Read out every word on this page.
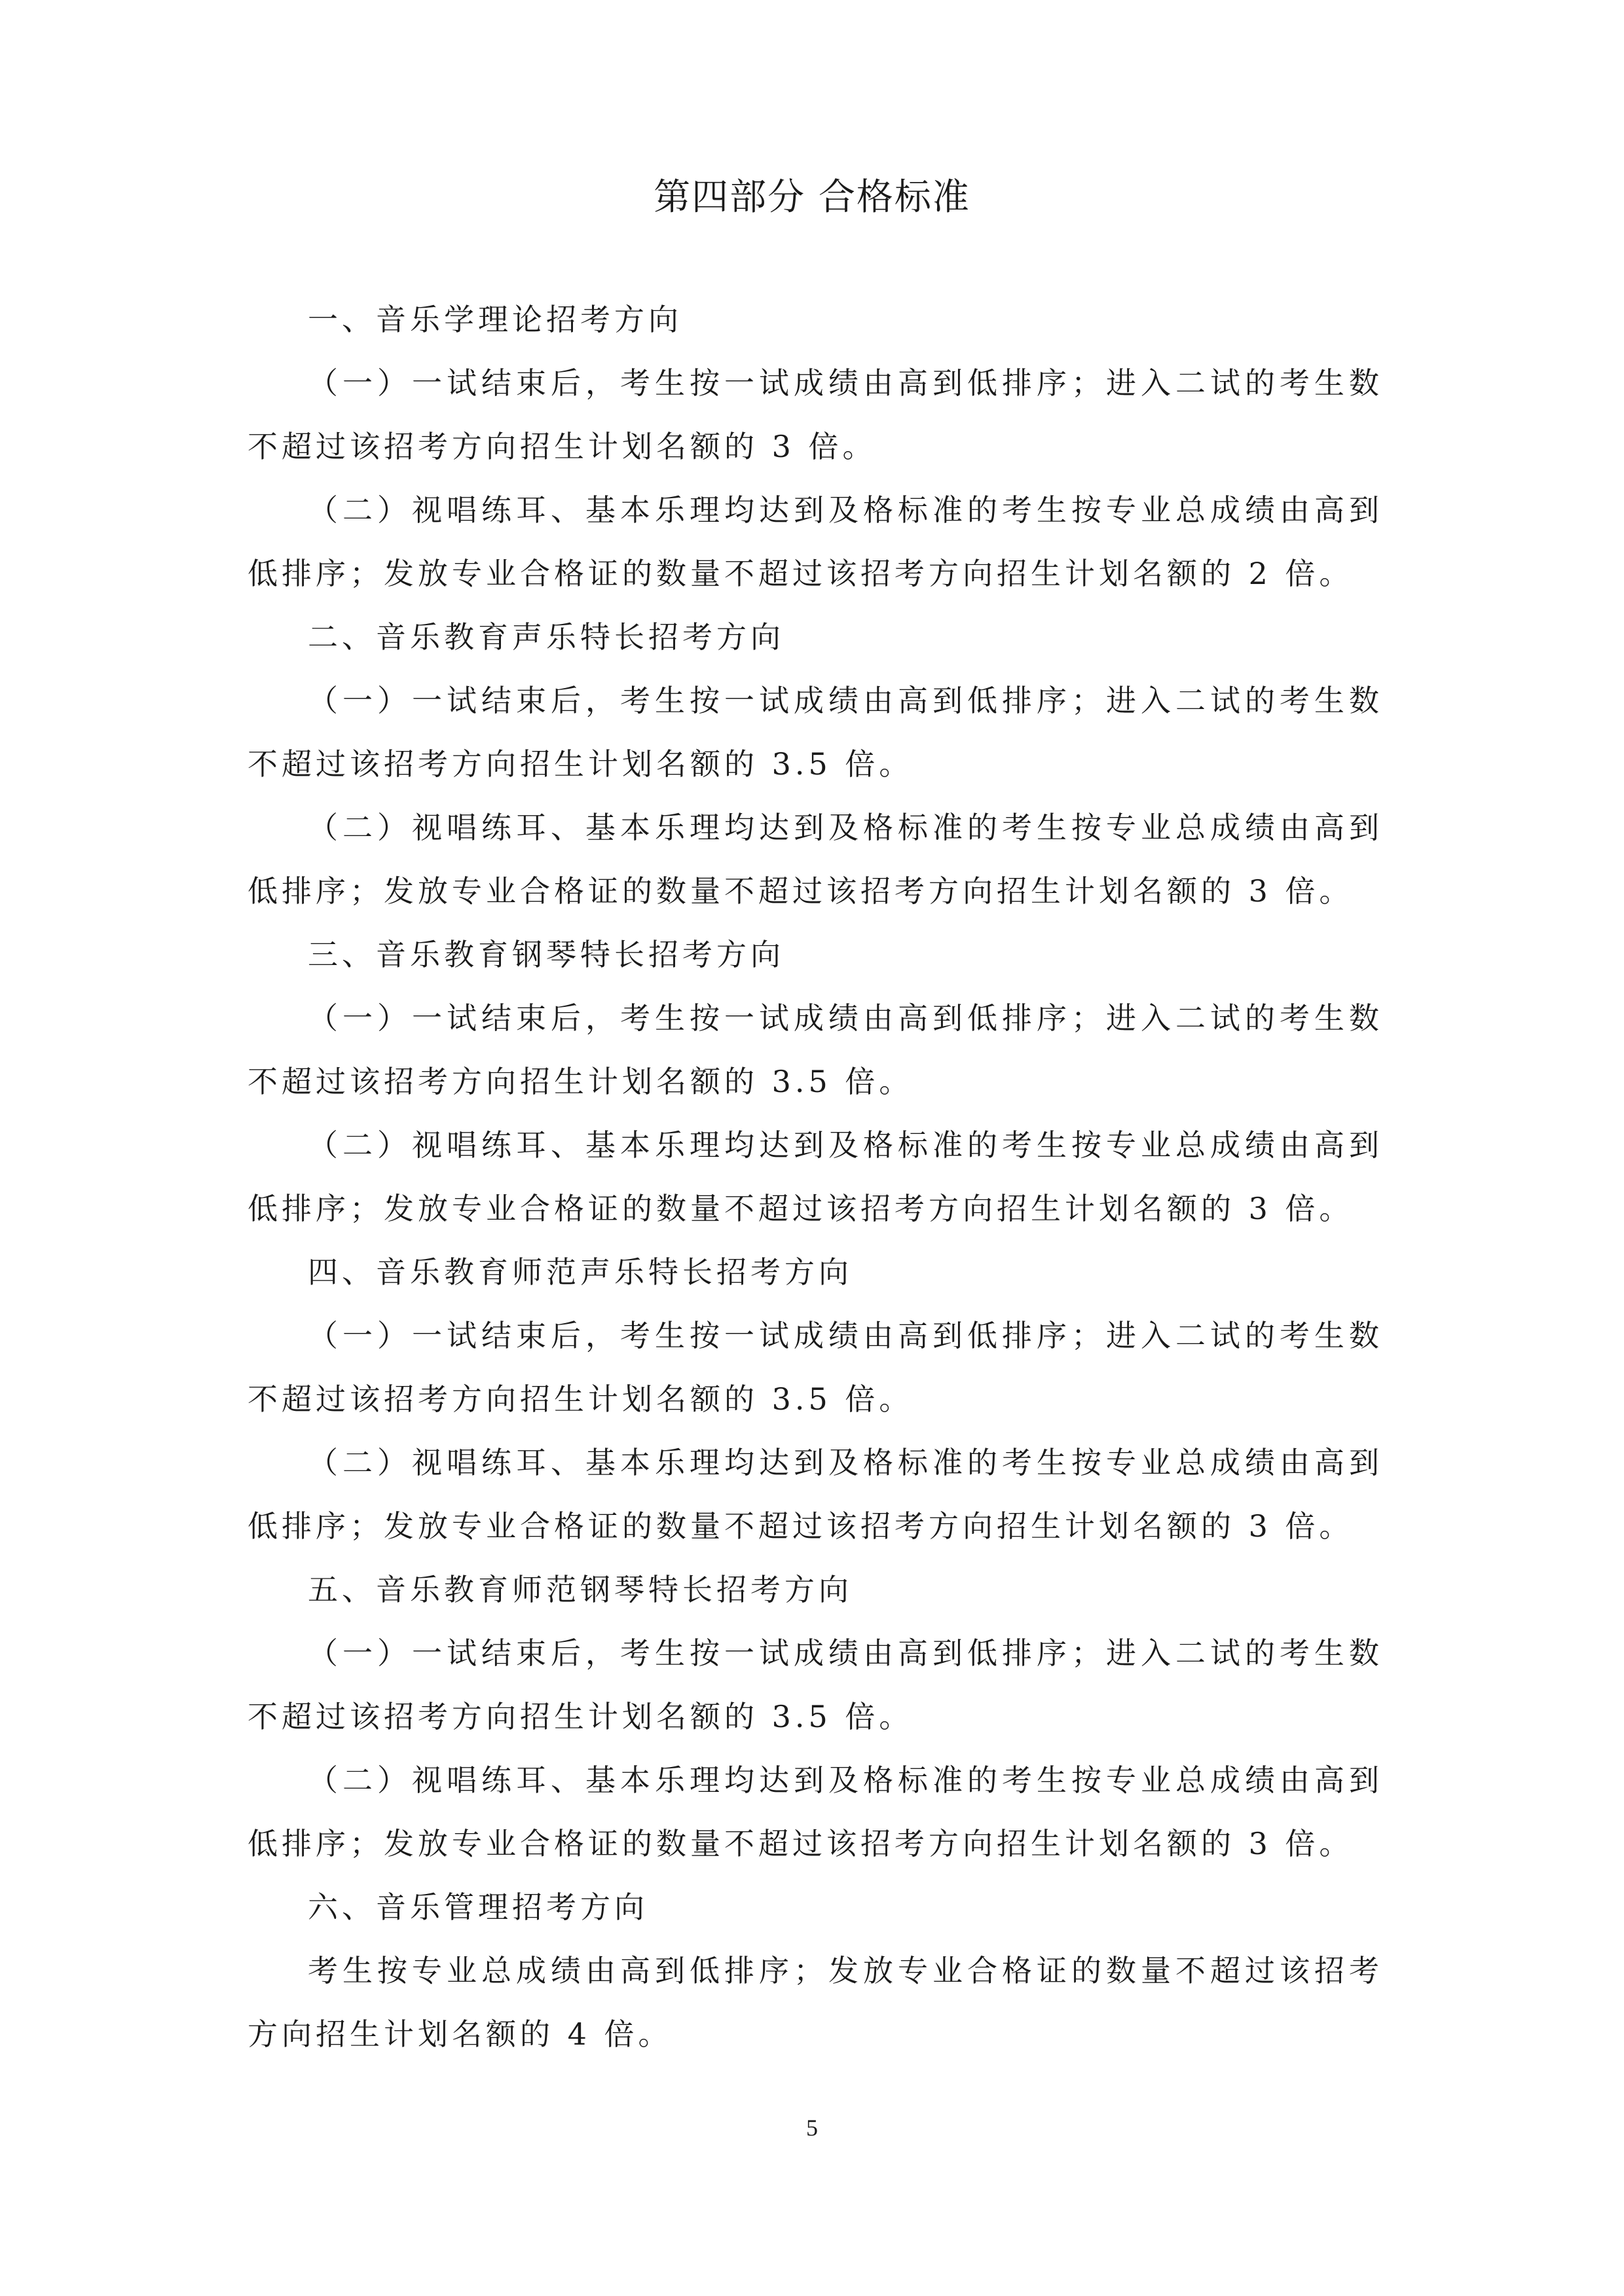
第四部分 合格标准

一、音乐学理论招考方向

（一）一试结束后，考生按一试成绩由高到低排序；进入二试的考生数不超过该招考方向招生计划名额的 3 倍。

（二）视唱练耳、基本乐理均达到及格标准的考生按专业总成绩由高到低排序；发放专业合格证的数量不超过该招考方向招生计划名额的 2 倍。

二、音乐教育声乐特长招考方向

（一）一试结束后，考生按一试成绩由高到低排序；进入二试的考生数不超过该招考方向招生计划名额的 3.5 倍。

（二）视唱练耳、基本乐理均达到及格标准的考生按专业总成绩由高到低排序；发放专业合格证的数量不超过该招考方向招生计划名额的 3 倍。

三、音乐教育钢琴特长招考方向

（一）一试结束后，考生按一试成绩由高到低排序；进入二试的考生数不超过该招考方向招生计划名额的 3.5 倍。

（二）视唱练耳、基本乐理均达到及格标准的考生按专业总成绩由高到低排序；发放专业合格证的数量不超过该招考方向招生计划名额的 3 倍。

四、音乐教育师范声乐特长招考方向

（一）一试结束后，考生按一试成绩由高到低排序；进入二试的考生数不超过该招考方向招生计划名额的 3.5 倍。

（二）视唱练耳、基本乐理均达到及格标准的考生按专业总成绩由高到低排序；发放专业合格证的数量不超过该招考方向招生计划名额的 3 倍。

五、音乐教育师范钢琴特长招考方向

（一）一试结束后，考生按一试成绩由高到低排序；进入二试的考生数不超过该招考方向招生计划名额的 3.5 倍。

（二）视唱练耳、基本乐理均达到及格标准的考生按专业总成绩由高到低排序；发放专业合格证的数量不超过该招考方向招生计划名额的 3 倍。

六、音乐管理招考方向

考生按专业总成绩由高到低排序；发放专业合格证的数量不超过该招考方向招生计划名额的 4 倍。

5
